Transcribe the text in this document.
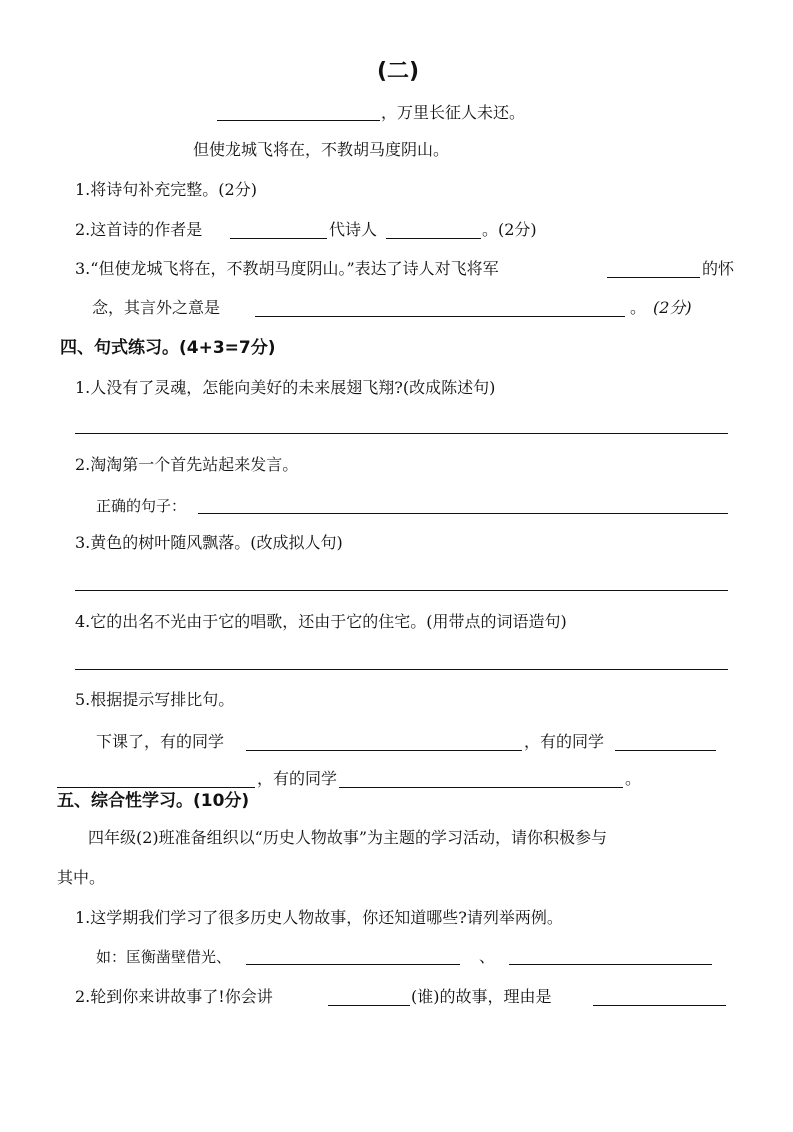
(二)
，万里长征人未还。
但使龙城飞将在，不教胡马度阴山。
1.将诗句补充完整。(2分)
2.这首诗的作者是	代诗人	。(2分)
3.“但使龙城飞将在，不教胡马度阴山。”表达了诗人对飞将军	的怀
念，其言外之意是	。 (2分)
四、句式练习。(4+3=7分)
1.人没有了灵魂，怎能向美好的未来展翅飞翔?(改成陈述句)
2.淘淘第一个首先站起来发言。
正确的句子：
3.黄色的树叶随风飘落。(改成拟人句)
4.它的出名不光由于它的唱歌，还由于它的住宅。(用带点的词语造句)
5.根据提示写排比句。
下课了，有的同学	，有的同学
，有的同学	。
五、综合性学习。(10分)
四年级(2)班准备组织以“历史人物故事”为主题的学习活动，请你积极参与
其中。
1.这学期我们学习了很多历史人物故事，你还知道哪些?请列举两例。
如：匡衡凿壁借光、	、
2.轮到你来讲故事了!你会讲	(谁)的故事，理由是
